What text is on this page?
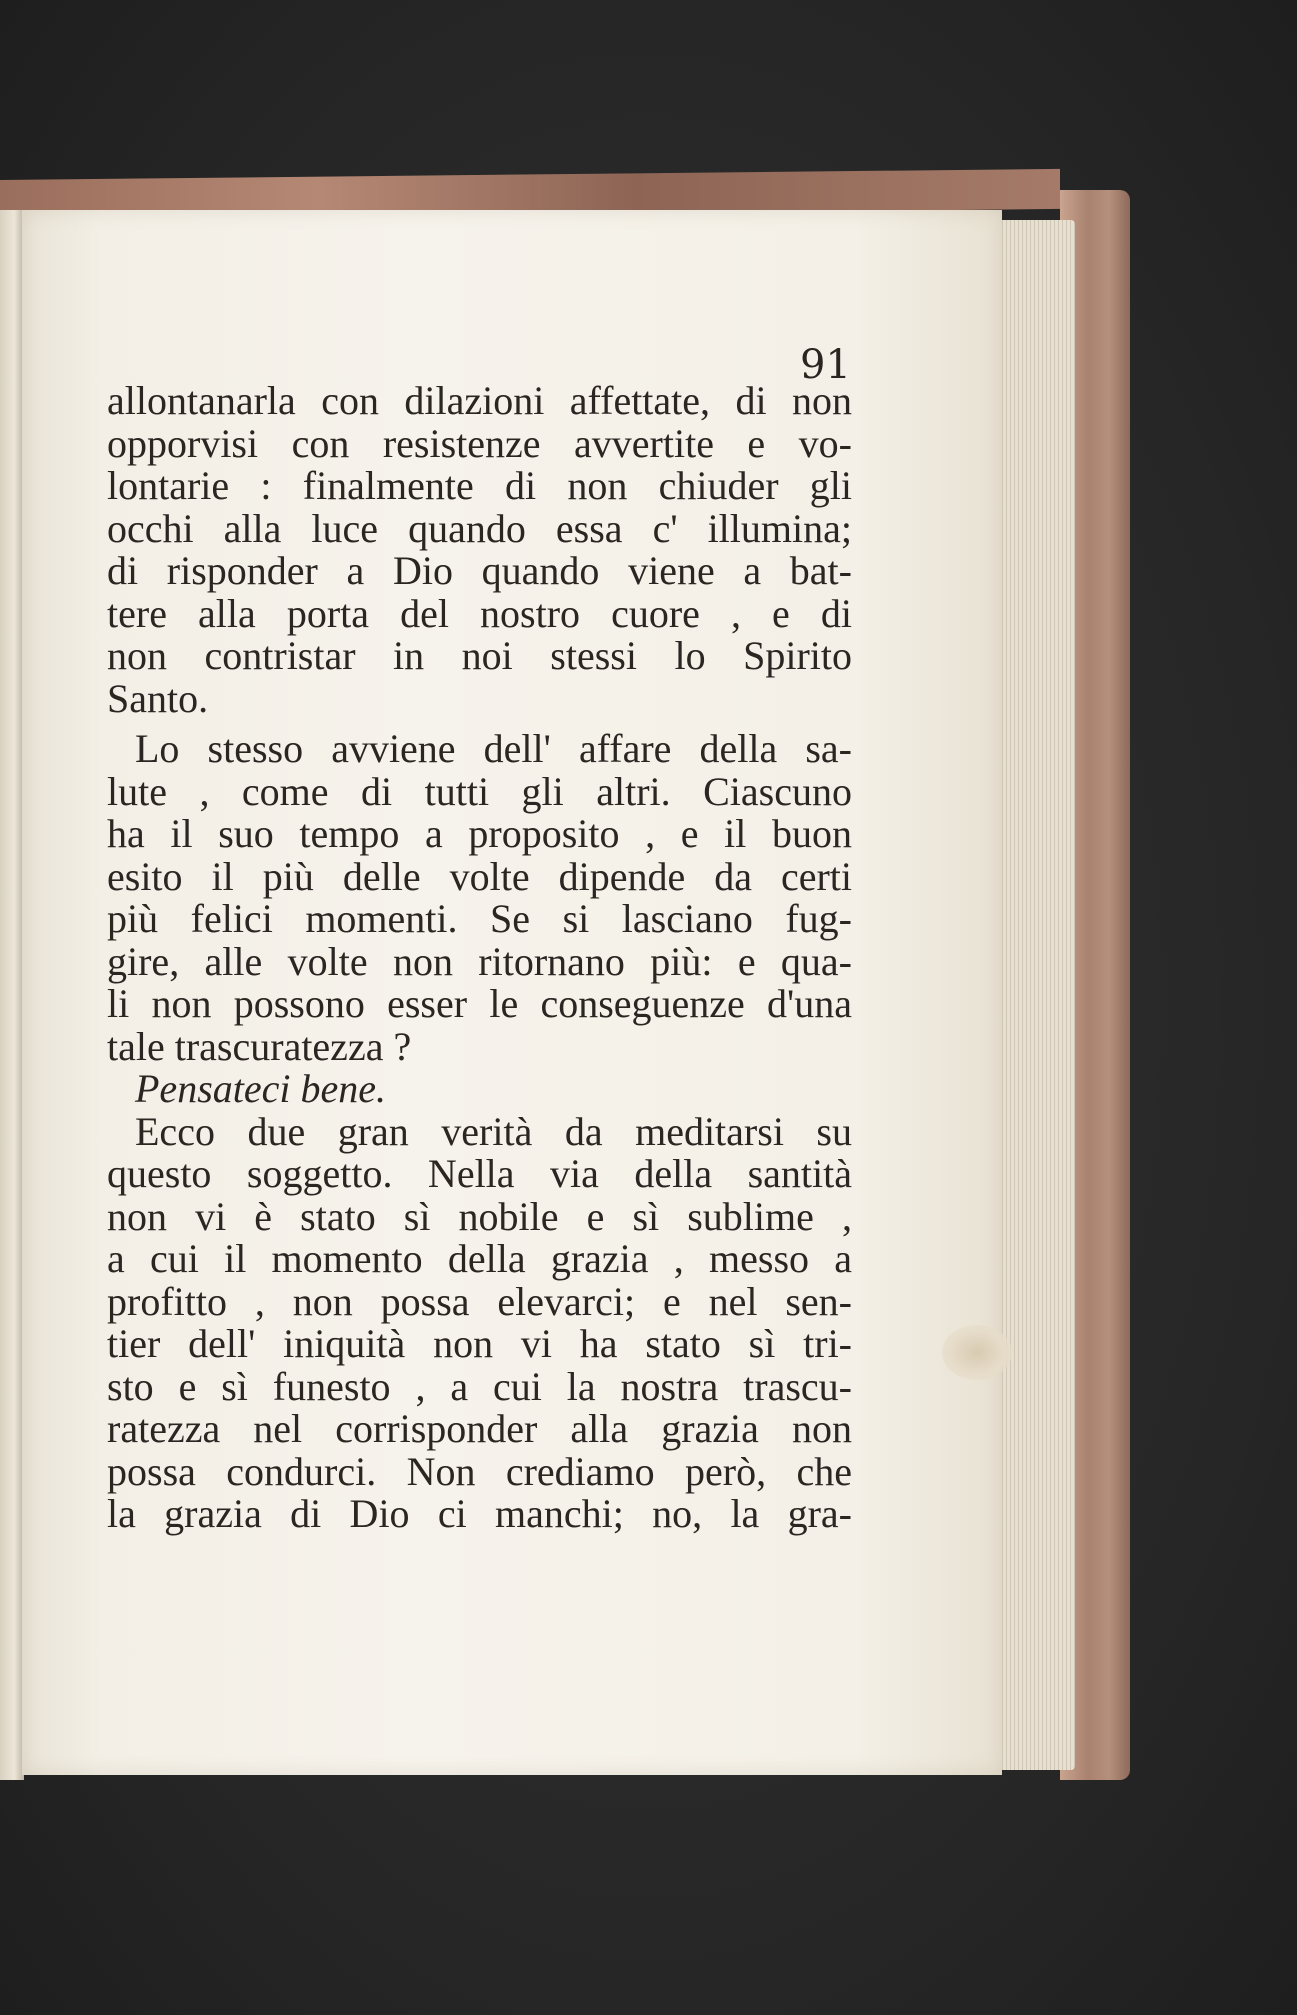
91
allontanarla con dilazioni affettate, di non
opporvisi con resistenze avvertite e vo-
lontarie : finalmente di non chiuder gli
occhi alla luce quando essa c' illumina;
di risponder a Dio quando viene a bat-
tere alla porta del nostro cuore , e di
non contristar in noi stessi lo Spirito
Santo.
Lo stesso avviene dell' affare della sa-
lute , come di tutti gli altri. Ciascuno
ha il suo tempo a proposito , e il buon
esito il più delle volte dipende da certi
più felici momenti. Se si lasciano fug-
gire, alle volte non ritornano più: e qua-
li non possono esser le conseguenze d'una
tale trascuratezza ?
Pensateci bene.
Ecco due gran verità da meditarsi su
questo soggetto. Nella via della santità
non vi è stato sì nobile e sì sublime ,
a cui il momento della grazia , messo a
profitto , non possa elevarci; e nel sen-
tier dell' iniquità non vi ha stato sì tri-
sto e sì funesto , a cui la nostra trascu-
ratezza nel corrisponder alla grazia non
possa condurci. Non crediamo però, che
la grazia di Dio ci manchi; no, la gra-
